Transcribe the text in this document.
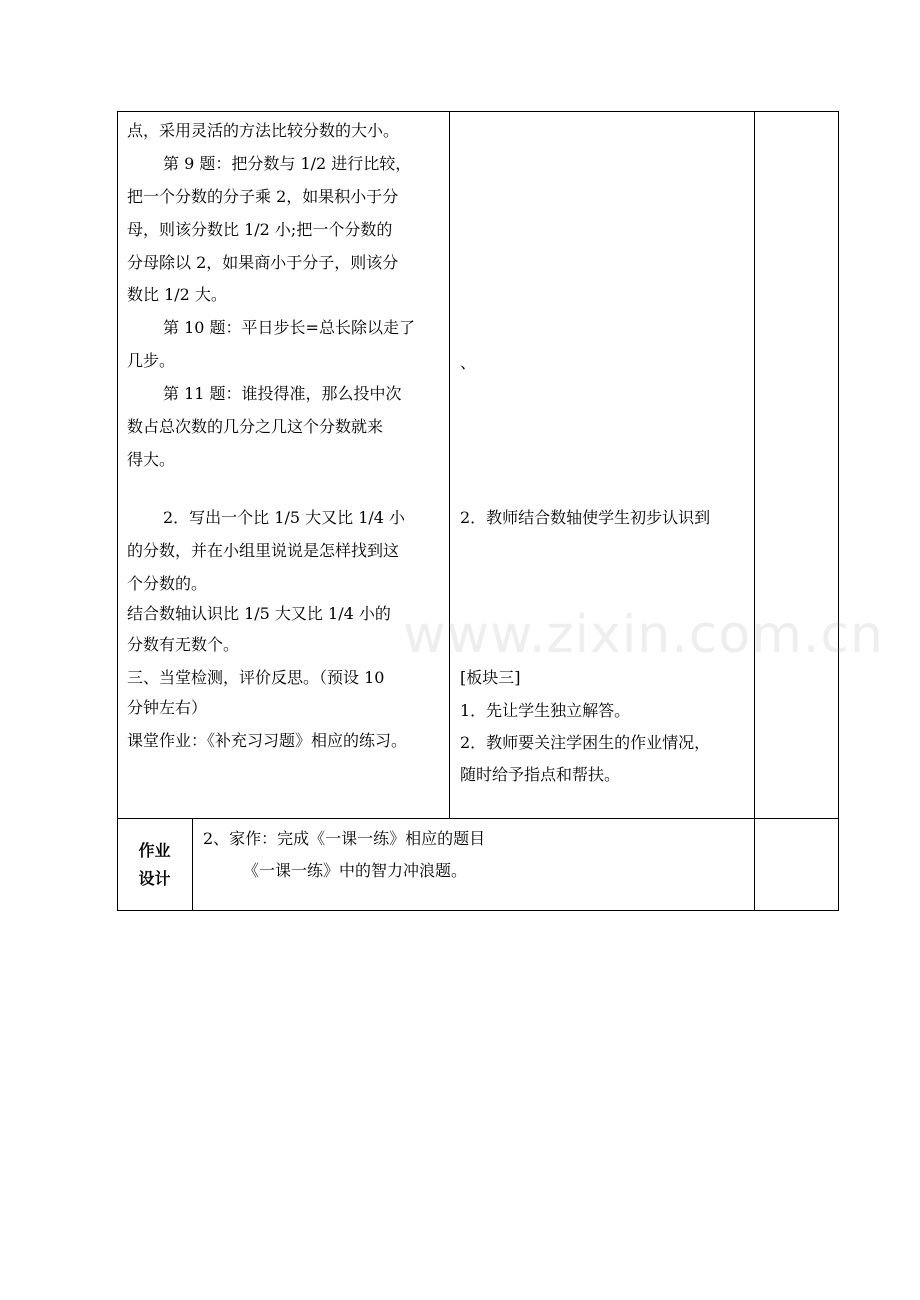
点，采用灵活的方法比较分数的大小。

第 9 题：把分数与 1/2 进行比较，

把一个分数的分子乘 2，如果积小于分

母，则该分数比 1/2 小;把一个分数的

分母除以 2，如果商小于分子，则该分

数比 1/2 大。

第 10 题：平日步长=总长除以走了

几步。

第 11 题：谁投得准，那么投中次

数占总次数的几分之几这个分数就来

得大。

2．写出一个比 1/5 大又比 1/4 小

的分数，并在小组里说说是怎样找到这

个分数的。

结合数轴认识比 1/5 大又比 1/4 小的

分数有无数个。

三、当堂检测，评价反思。（预设 10

分钟左右）

课堂作业：《补充习习题》相应的练习。

、

2．教师结合数轴使学生初步认识到

[板块三]

1．先让学生独立解答。

2．教师要关注学困生的作业情况，

随时给予指点和帮扶。

作业
设计

2、家作：完成《一课一练》相应的题目

《一课一练》中的智力冲浪题。

www.zixin.com.cn
